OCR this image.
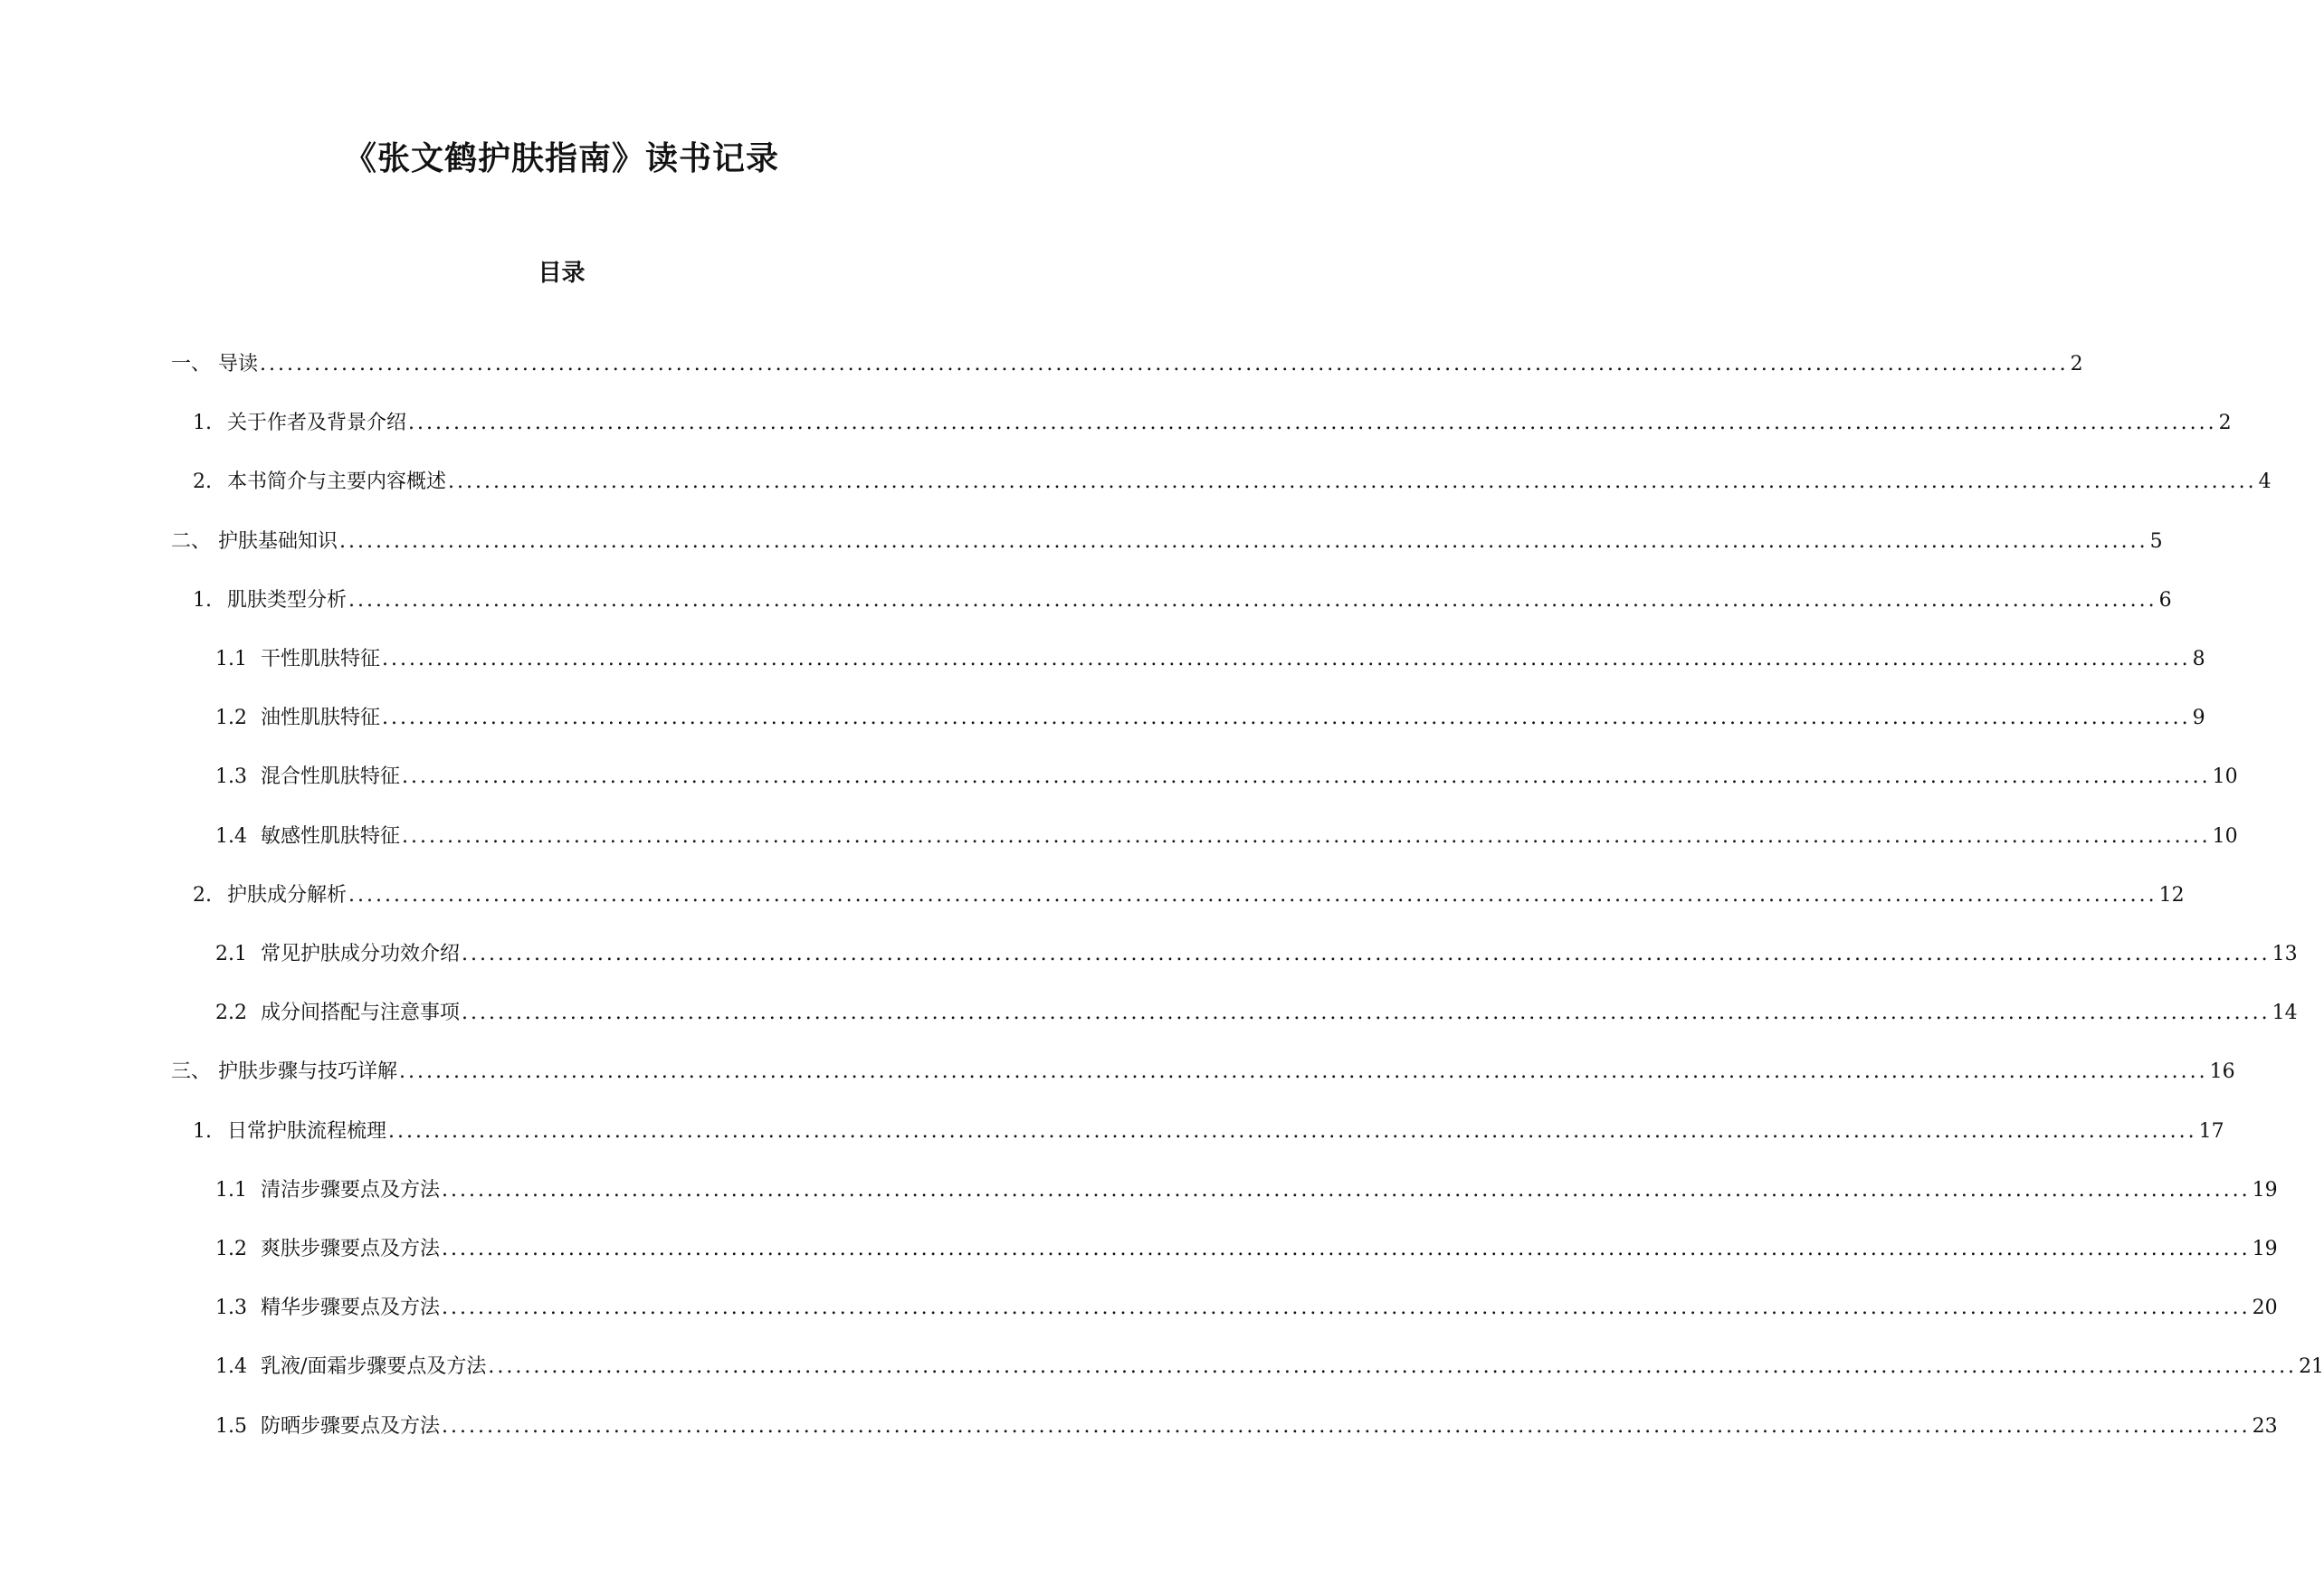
《张文鹤护肤指南》读书记录
目录
一、 导读 ........................................................................................................................................................................................................ 2
1. 关于作者及背景介绍 ........................................................................................................................................................................................................ 2
2. 本书简介与主要内容概述 ........................................................................................................................................................................................................ 4
二、 护肤基础知识 ........................................................................................................................................................................................................ 5
1. 肌肤类型分析 ........................................................................................................................................................................................................ 6
1.1 干性肌肤特征 ........................................................................................................................................................................................................ 8
1.2 油性肌肤特征 ........................................................................................................................................................................................................ 9
1.3 混合性肌肤特征 ........................................................................................................................................................................................................ 10
1.4 敏感性肌肤特征 ........................................................................................................................................................................................................ 10
2. 护肤成分解析 ........................................................................................................................................................................................................ 12
2.1 常见护肤成分功效介绍 ........................................................................................................................................................................................................ 13
2.2 成分间搭配与注意事项 ........................................................................................................................................................................................................ 14
三、 护肤步骤与技巧详解 ........................................................................................................................................................................................................ 16
1. 日常护肤流程梳理 ........................................................................................................................................................................................................ 17
1.1 清洁步骤要点及方法 ........................................................................................................................................................................................................ 19
1.2 爽肤步骤要点及方法 ........................................................................................................................................................................................................ 19
1.3 精华步骤要点及方法 ........................................................................................................................................................................................................ 20
1.4 乳液/面霜步骤要点及方法 ........................................................................................................................................................................................................ 21
1.5 防晒步骤要点及方法 ........................................................................................................................................................................................................ 23
